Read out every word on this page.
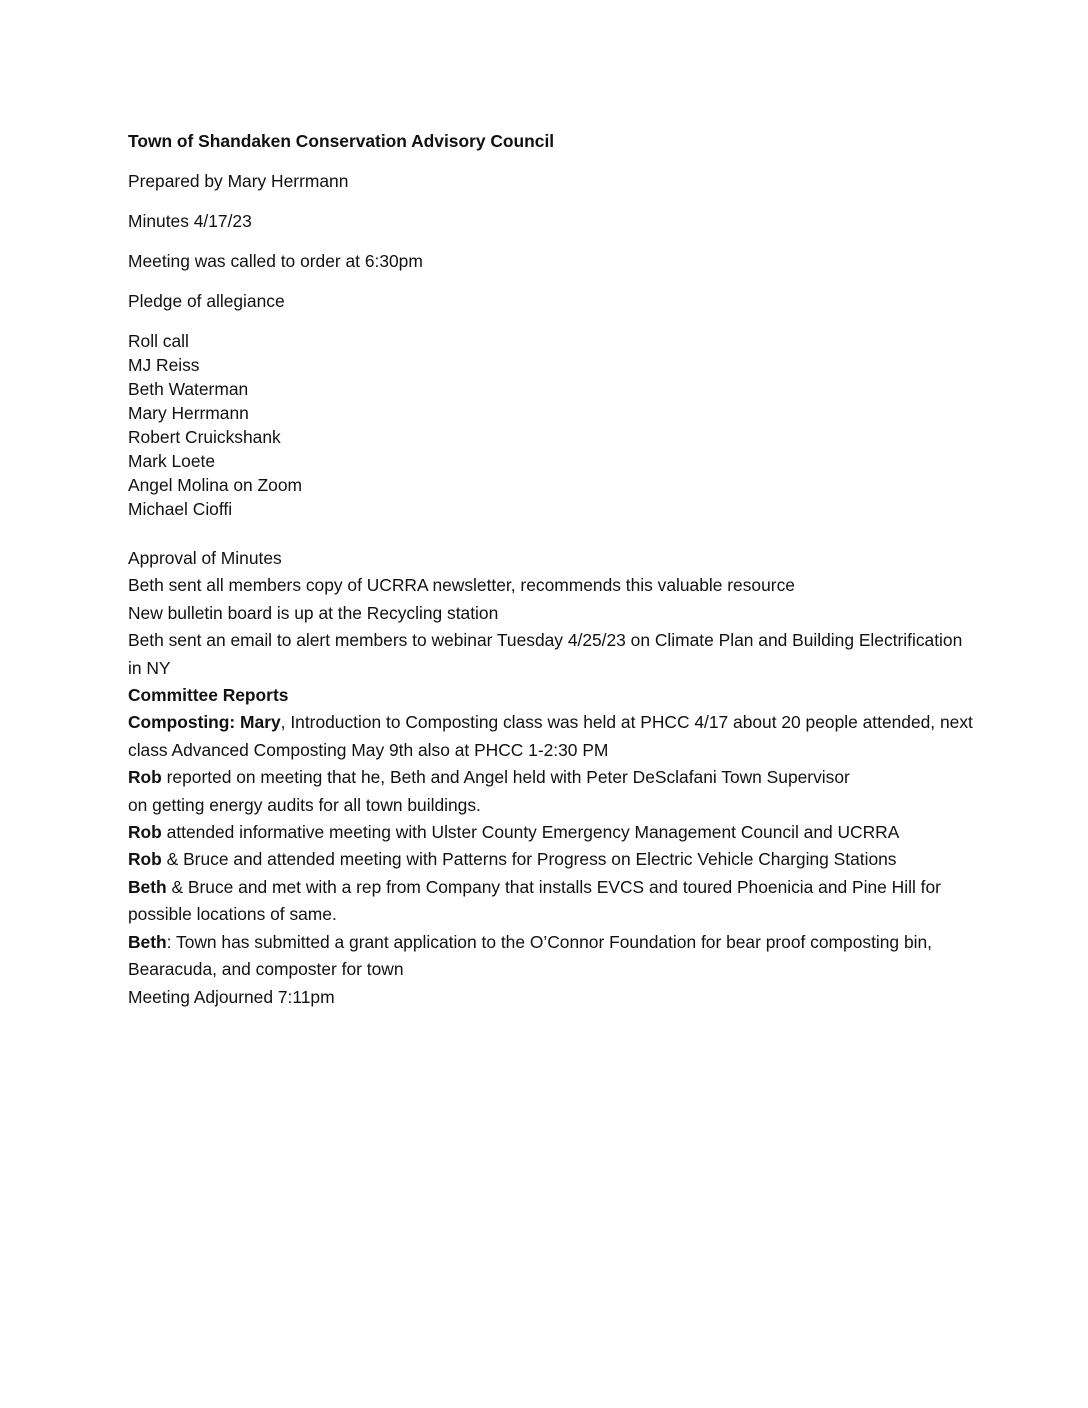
Town of Shandaken Conservation Advisory Council

Prepared by Mary Herrmann

Minutes 4/17/23

Meeting was called to order at 6:30pm

Pledge of allegiance

Roll call
MJ Reiss
Beth Waterman
Mary Herrmann
Robert Cruickshank
Mark Loete
Angel Molina on Zoom
Michael Cioffi
Approval of Minutes
Beth sent all members copy of UCRRA newsletter, recommends this valuable resource
New bulletin board is up at the Recycling station
Beth sent an email to alert members to webinar Tuesday 4/25/23 on Climate Plan and Building Electrification in NY
Committee Reports
Composting: Mary, Introduction to Composting class was held at PHCC 4/17 about 20 people attended, next class Advanced Composting May 9th also at PHCC 1-2:30 PM
Rob reported on meeting that he, Beth and Angel held with Peter DeSclafani Town Supervisor
on getting energy audits for all town buildings.
Rob attended informative meeting with Ulster County Emergency Management Council and UCRRA
Rob & Bruce and attended meeting with Patterns for Progress on Electric Vehicle Charging Stations
Beth & Bruce and met with a rep from Company that installs EVCS and toured Phoenicia and Pine Hill for possible locations of same.
Beth: Town has submitted a grant application to the O’Connor Foundation for bear proof composting bin, Bearacuda, and composter for town
Meeting Adjourned 7:11pm
